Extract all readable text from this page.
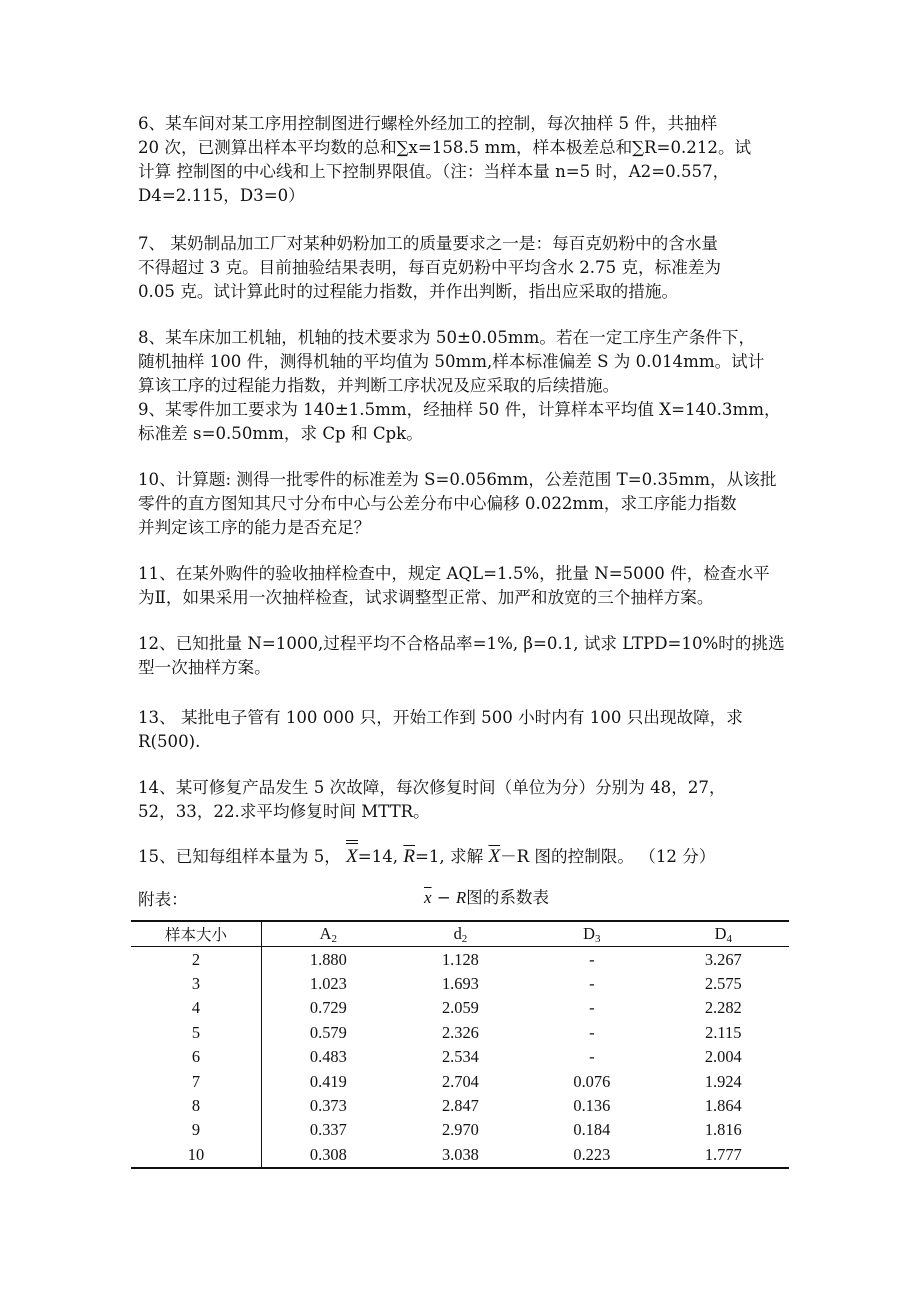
zixin
6、某车间对某工序用控制图进行螺栓外经加工的控制，每次抽样 5 件，共抽样
20 次，已测算出样本平均数的总和∑x=158.5 mm，样本极差总和∑R=0.212。试
计算 控制图的中心线和上下控制界限值。（注：当样本量 n=5 时，A2=0.557，
D4=2.115，D3=0）
7、 某奶制品加工厂对某种奶粉加工的质量要求之一是：每百克奶粉中的含水量
不得超过 3 克。目前抽验结果表明，每百克奶粉中平均含水 2.75 克，标准差为
0.05 克。试计算此时的过程能力指数，并作出判断，指出应采取的措施。
8、某车床加工机轴，机轴的技术要求为 50±0.05mm。若在一定工序生产条件下，
随机抽样 100 件，测得机轴的平均值为 50mm,样本标准偏差 S 为 0.014mm。试计
算该工序的过程能力指数，并判断工序状况及应采取的后续措施。
9、某零件加工要求为 140±1.5mm，经抽样 50 件，计算样本平均值 X=140.3mm，
标准差 s=0.50mm，求 Cp 和 Cpk。
10、计算题: 测得一批零件的标准差为 S=0.056mm，公差范围 T=0.35mm，从该批
零件的直方图知其尺寸分布中心与公差分布中心偏移 0.022mm，求工序能力指数
并判定该工序的能力是否充足？
11、在某外购件的验收抽样检查中，规定 AQL=1.5%，批量 N=5000 件，检查水平
为Ⅱ，如果采用一次抽样检查，试求调整型正常、加严和放宽的三个抽样方案。
12、已知批量 N=1000,过程平均不合格品率=1%, β=0.1, 试求 LTPD=10%时的挑选
型一次抽样方案。
13、 某批电子管有 100 000 只，开始工作到 500 小时内有 100 只出现故障，求
R(500).
14、某可修复产品发生 5 次故障，每次修复时间（单位为分）分别为 48，27，
52，33，22.求平均修复时间 MTTR。
15、已知每组样本量为 5， $\overline{X}=14$, $\overline{R}=1$, 求解 $\overline{X}-R$ 图的控制限。 （12 分）
附表：	$\overline{x} - R$图的系数表
样本大小	$A_2$	$d_2$	$D_3$	$D_4$
2	1.880	1.128	-	3.267
3	1.023	1.693	-	2.575
4	0.729	2.059	-	2.282
5	0.579	2.326	-	2.115
6	0.483	2.534	-	2.004
7	0.419	2.704	0.076	1.924
8	0.373	2.847	0.136	1.864
9	0.337	2.970	0.184	1.816
10	0.308	3.038	0.223	1.777
